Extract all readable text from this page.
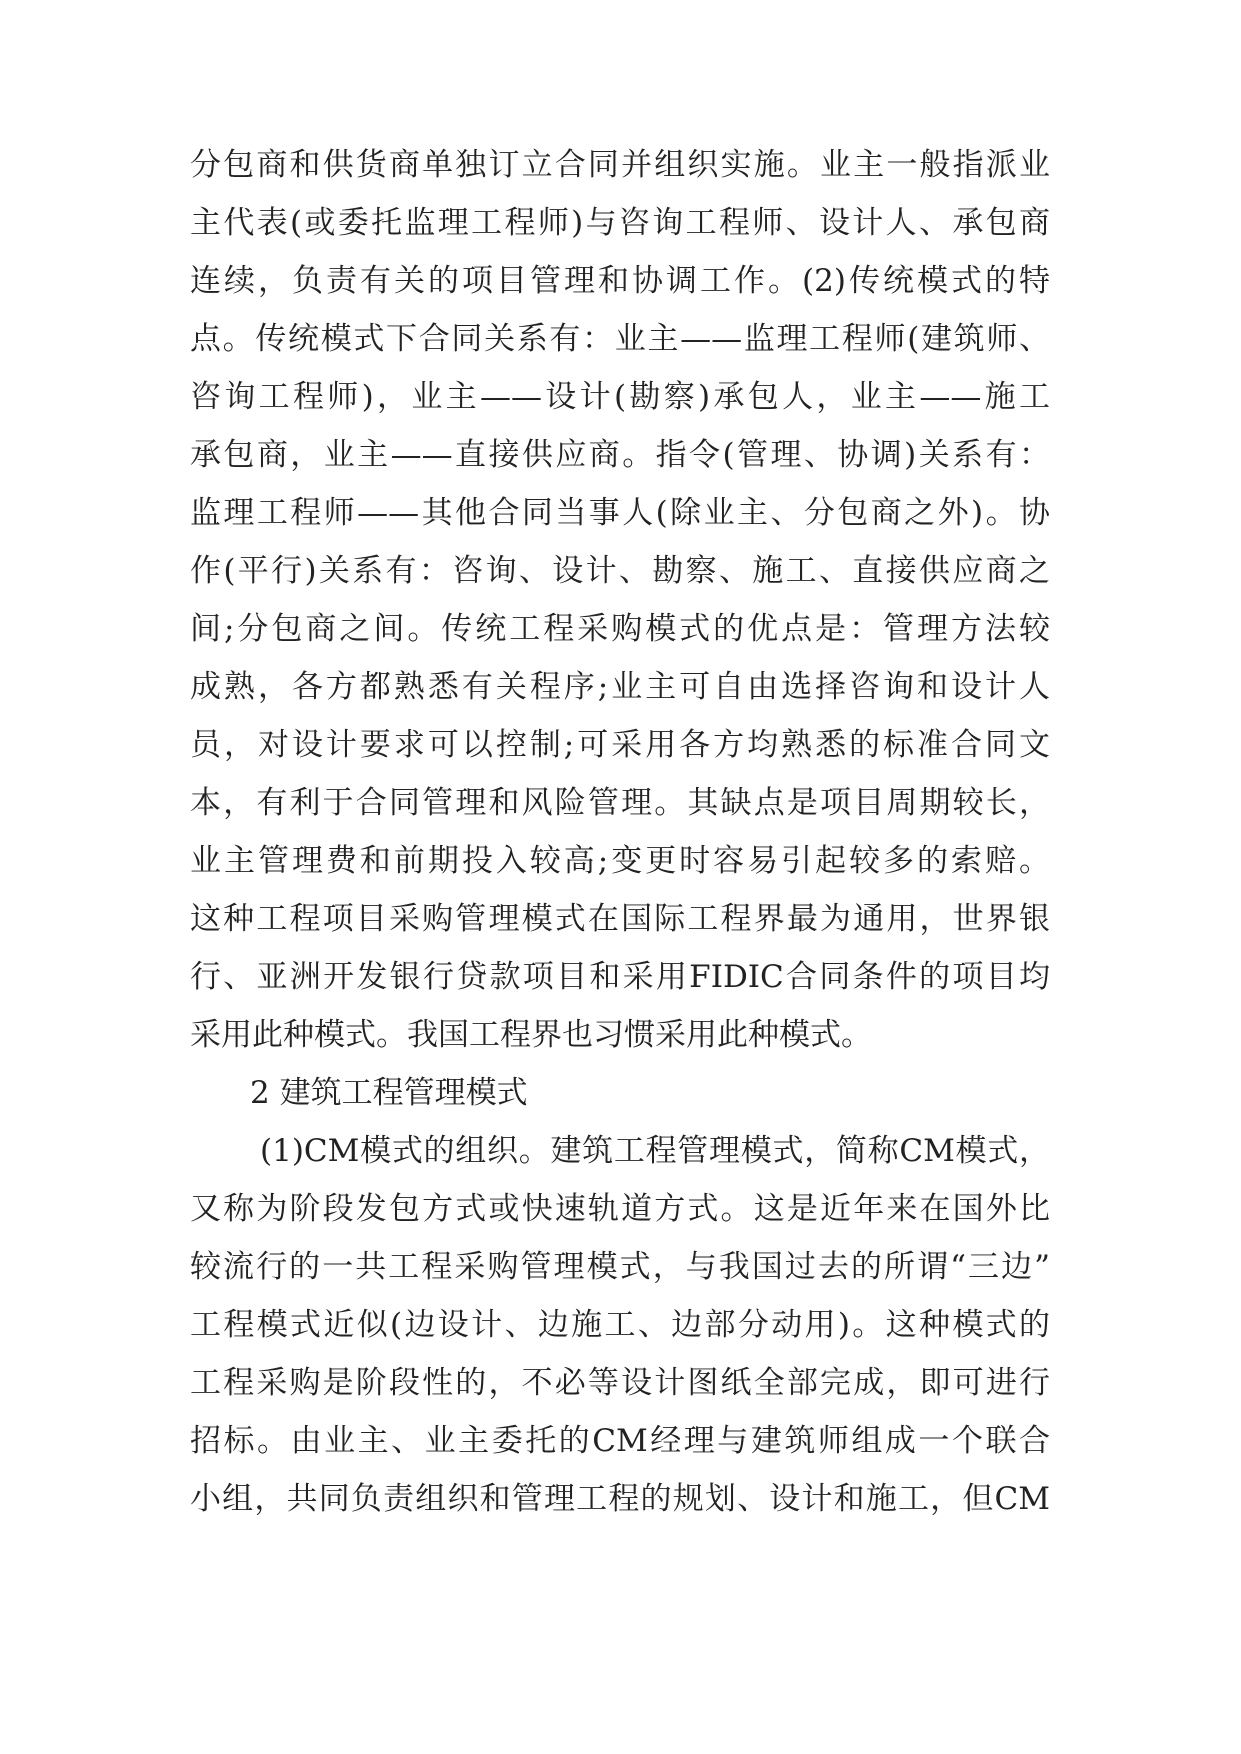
分包商和供货商单独订立合同并组织实施。业主一般指派业
主代表(或委托监理工程师)与咨询工程师、设计人、承包商
连续，负责有关的项目管理和协调工作。(2)传统模式的特
点。传统模式下合同关系有：业主——监理工程师(建筑师、
咨询工程师)，业主——设计(勘察)承包人，业主——施工
承包商，业主——直接供应商。指令(管理、协调)关系有：
监理工程师——其他合同当事人(除业主、分包商之外)。协
作(平行)关系有：咨询、设计、勘察、施工、直接供应商之
间;分包商之间。传统工程采购模式的优点是：管理方法较
成熟，各方都熟悉有关程序;业主可自由选择咨询和设计人
员，对设计要求可以控制;可采用各方均熟悉的标准合同文
本，有利于合同管理和风险管理。其缺点是项目周期较长，
业主管理费和前期投入较高;变更时容易引起较多的索赔。
这种工程项目采购管理模式在国际工程界最为通用，世界银
行、亚洲开发银行贷款项目和采用FIDIC合同条件的项目均
采用此种模式。我国工程界也习惯采用此种模式。
2 建筑工程管理模式
(1)CM模式的组织。建筑工程管理模式，简称CM模式，
又称为阶段发包方式或快速轨道方式。这是近年来在国外比
较流行的一共工程采购管理模式，与我国过去的所谓“三边”
工程模式近似(边设计、边施工、边部分动用)。这种模式的
工程采购是阶段性的，不必等设计图纸全部完成，即可进行
招标。由业主、业主委托的CM经理与建筑师组成一个联合
小组，共同负责组织和管理工程的规划、设计和施工，但CM
